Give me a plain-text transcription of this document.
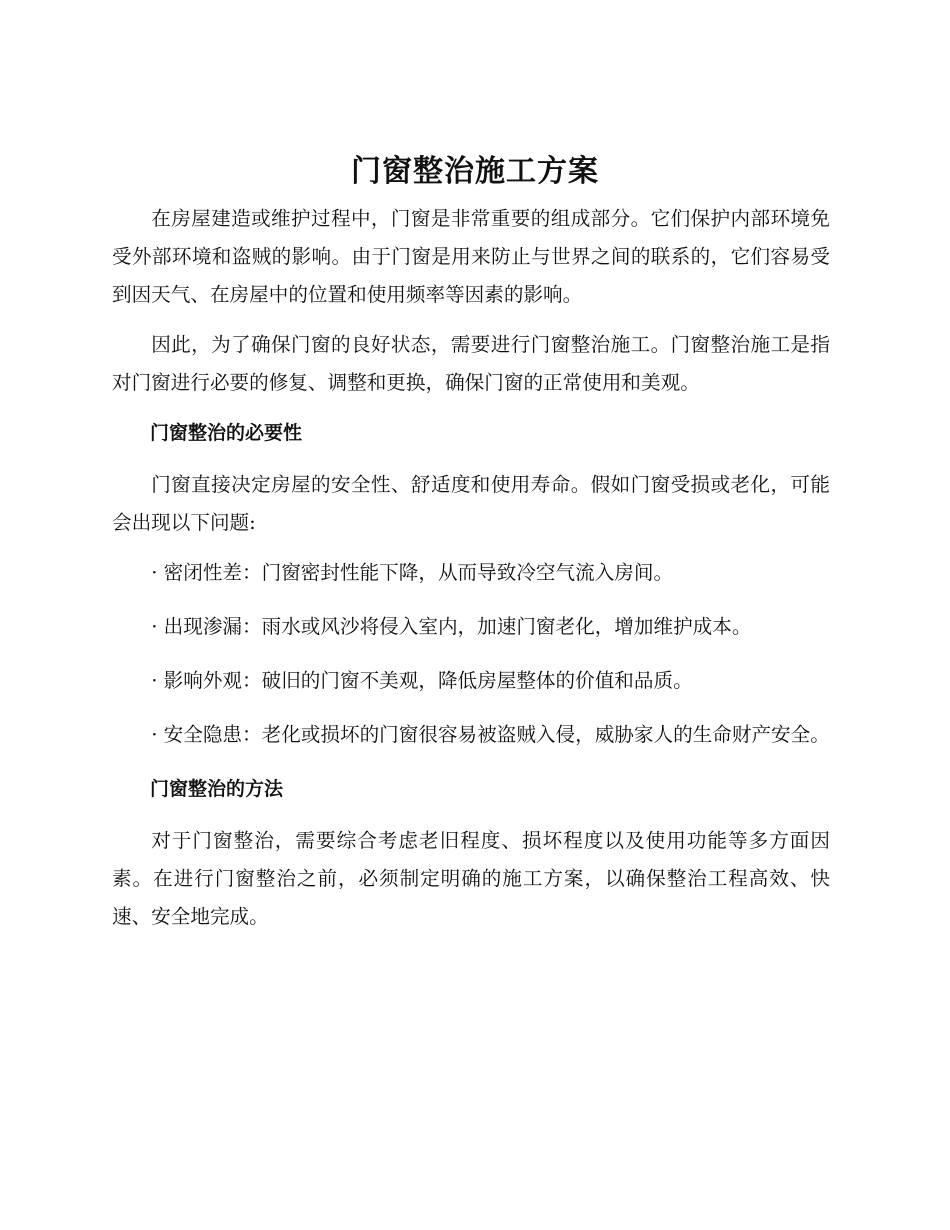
门窗整治施工方案

在房屋建造或维护过程中，门窗是非常重要的组成部分。它们保护内部环境免受外部环境和盗贼的影响。由于门窗是用来防止与世界之间的联系的，它们容易受到因天气、在房屋中的位置和使用频率等因素的影响。

因此，为了确保门窗的良好状态，需要进行门窗整治施工。门窗整治施工是指对门窗进行必要的修复、调整和更换，确保门窗的正常使用和美观。

门窗整治的必要性

门窗直接决定房屋的安全性、舒适度和使用寿命。假如门窗受损或老化，可能会出现以下问题:

· 密闭性差：门窗密封性能下降，从而导致冷空气流入房间。

· 出现渗漏：雨水或风沙将侵入室内，加速门窗老化，增加维护成本。

· 影响外观：破旧的门窗不美观，降低房屋整体的价值和品质。

· 安全隐患：老化或损坏的门窗很容易被盗贼入侵，威胁家人的生命财产安全。

门窗整治的方法

对于门窗整治，需要综合考虑老旧程度、损坏程度以及使用功能等多方面因素。在进行门窗整治之前，必须制定明确的施工方案，以确保整治工程高效、快速、安全地完成。
